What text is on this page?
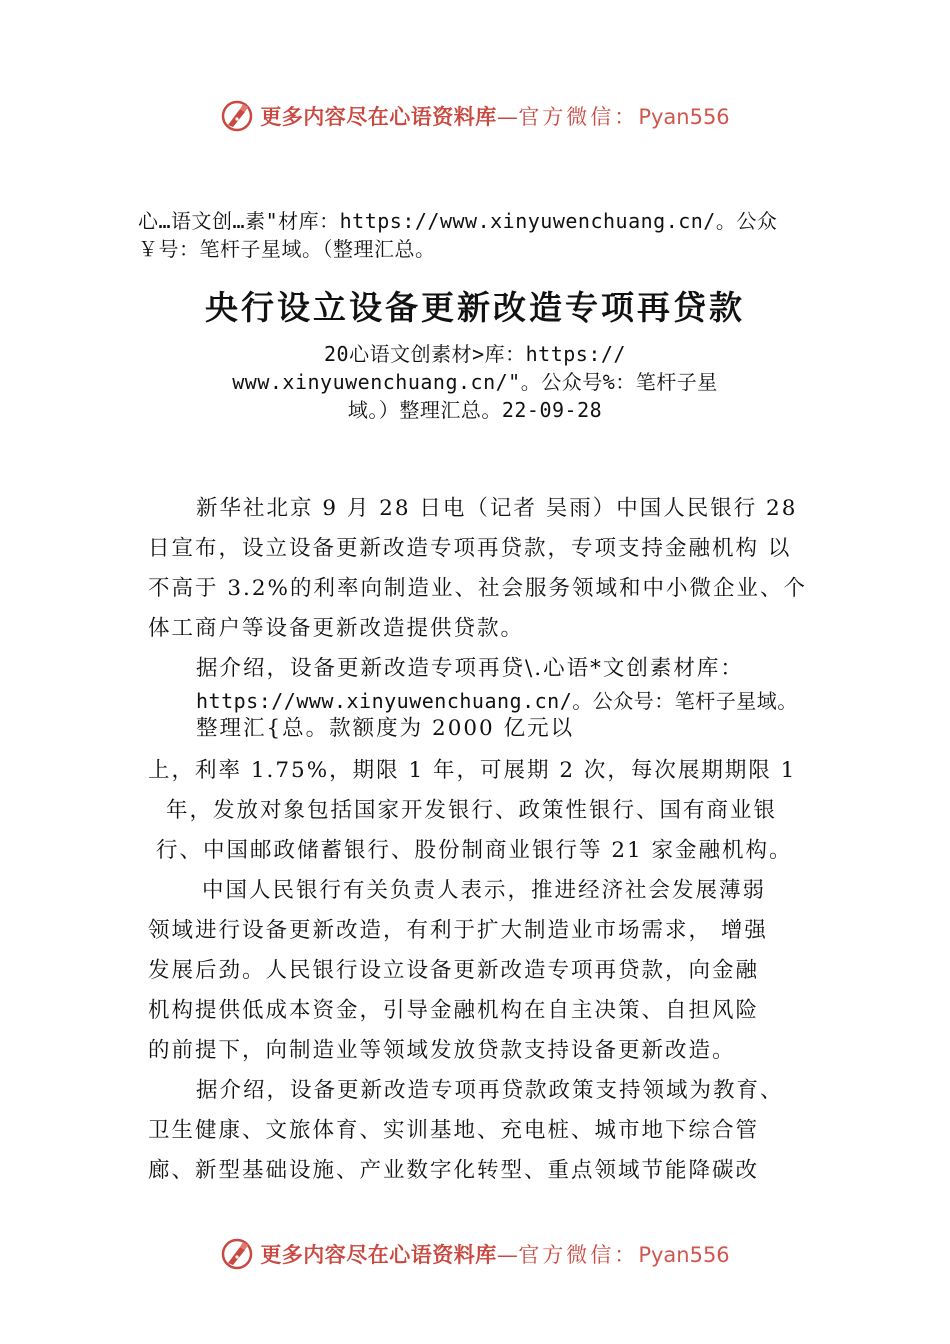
更多内容尽在心语资料库—官方微信：Pyan556
心…语文创…素"材库：https://www.xinyuwenchuang.cn/。公众
￥号：笔杆子星域。（整理汇总。
央行设立设备更新改造专项再贷款
20心语文创素材>库：https://
www.xinyuwenchuang.cn/"。公众号%：笔杆子星
域。）整理汇总。22-09-28
新华社北京 9 月 28 日电（记者 吴雨）中国人民银行 28
日宣布，设立设备更新改造专项再贷款，专项支持金融机构 以
不高于 3.2%的利率向制造业、社会服务领域和中小微企业、个
体工商户等设备更新改造提供贷款。
据介绍，设备更新改造专项再贷\.心语*文创素材库：
https://www.xinyuwenchuang.cn/。公众号：笔杆子星域。
整理汇{总。款额度为 2000 亿元以
上，利率 1.75%，期限 1 年，可展期 2 次，每次展期期限 1
年，发放对象包括国家开发银行、政策性银行、国有商业银
行、中国邮政储蓄银行、股份制商业银行等 21 家金融机构。
中国人民银行有关负责人表示，推进经济社会发展薄弱
领域进行设备更新改造，有利于扩大制造业市场需求， 增强
发展后劲。人民银行设立设备更新改造专项再贷款，向金融
机构提供低成本资金，引导金融机构在自主决策、自担风险
的前提下，向制造业等领域发放贷款支持设备更新改造。
据介绍，设备更新改造专项再贷款政策支持领域为教育、
卫生健康、文旅体育、实训基地、充电桩、城市地下综合管
廊、新型基础设施、产业数字化转型、重点领域节能降碳改
更多内容尽在心语资料库—官方微信：Pyan556
